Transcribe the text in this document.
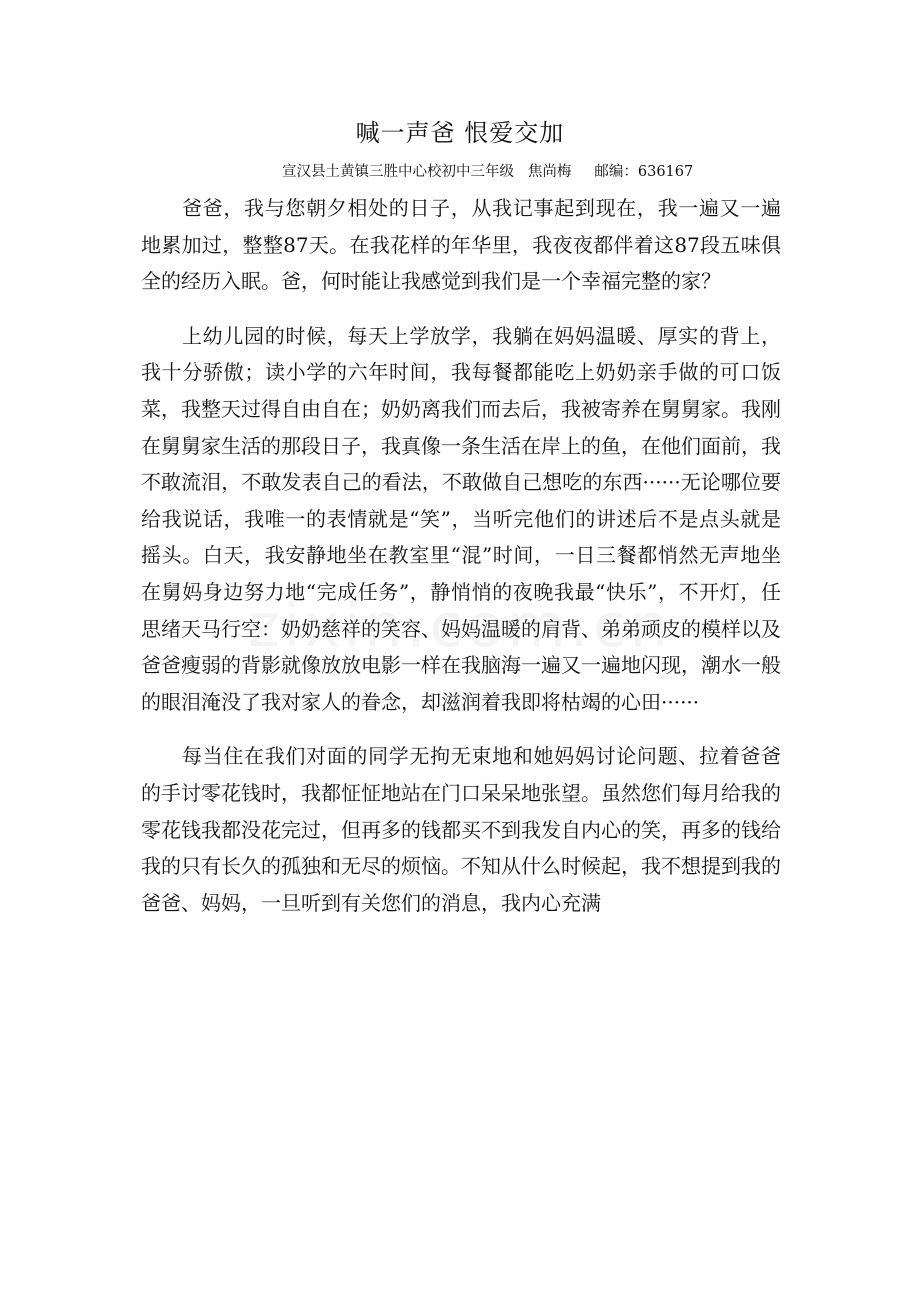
喊一声爸 恨爱交加
宣汉县土黄镇三胜中心校初中三年级   焦尚梅     邮编：636167

爸爸，我与您朝夕相处的日子，从我记事起到现在，我一遍又一遍地累加过，整整87天。在我花样的年华里，我夜夜都伴着这87段五味俱全的经历入眠。爸，何时能让我感觉到我们是一个幸福完整的家？

上幼儿园的时候，每天上学放学，我躺在妈妈温暖、厚实的背上，我十分骄傲；读小学的六年时间，我每餐都能吃上奶奶亲手做的可口饭菜，我整天过得自由自在；奶奶离我们而去后，我被寄养在舅舅家。我刚在舅舅家生活的那段日子，我真像一条生活在岸上的鱼，在他们面前，我不敢流泪，不敢发表自己的看法，不敢做自己想吃的东西······无论哪位要给我说话，我唯一的表情就是“笑”，当听完他们的讲述后不是点头就是摇头。白天，我安静地坐在教室里“混”时间，一日三餐都悄然无声地坐在舅妈身边努力地“完成任务”，静悄悄的夜晚我最“快乐”，不开灯，任思绪天马行空：奶奶慈祥的笑容、妈妈温暖的肩背、弟弟顽皮的模样以及爸爸瘦弱的背影就像放放电影一样在我脑海一遍又一遍地闪现，潮水一般的眼泪淹没了我对家人的眷念，却滋润着我即将枯竭的心田······

每当住在我们对面的同学无拘无束地和她妈妈讨论问题、拉着爸爸的手讨零花钱时，我都怔怔地站在门口呆呆地张望。虽然您们每月给我的零花钱我都没花完过，但再多的钱都买不到我发自内心的笑，再多的钱给我的只有长久的孤独和无尽的烦恼。不知从什么时候起，我不想提到我的爸爸、妈妈，一旦听到有关您们的消息，我内心充满
